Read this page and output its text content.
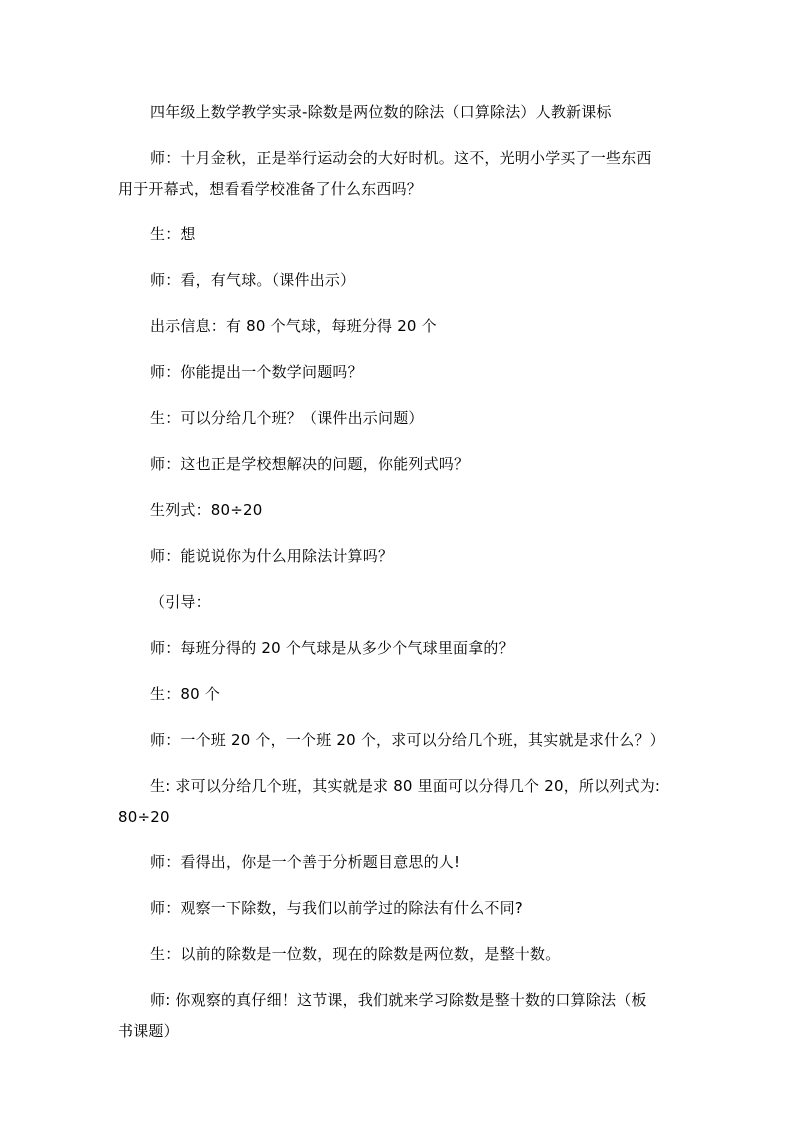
四年级上数学教学实录-除数是两位数的除法（口算除法）人教新课标
师：十月金秋，正是举行运动会的大好时机。这不，光明小学买了一些东西
用于开幕式，想看看学校准备了什么东西吗？
生：想
师：看，有气球。（课件出示）
出示信息：有 80 个气球，每班分得 20 个
师：你能提出一个数学问题吗？
生：可以分给几个班？（课件出示问题）
师：这也正是学校想解决的问题，你能列式吗？
生列式：80÷20
师：能说说你为什么用除法计算吗？
（引导：
师：每班分得的 20 个气球是从多少个气球里面拿的？
生：80 个
师：一个班 20 个，一个班 20 个，求可以分给几个班，其实就是求什么？）
生: 求可以分给几个班，其实就是求 80 里面可以分得几个 20，所以列式为:
80÷20
师：看得出，你是一个善于分析题目意思的人!
师：观察一下除数，与我们以前学过的除法有什么不同?
生：以前的除数是一位数，现在的除数是两位数，是整十数。
师: 你观察的真仔细！这节课，我们就来学习除数是整十数的口算除法（板
书课题）
